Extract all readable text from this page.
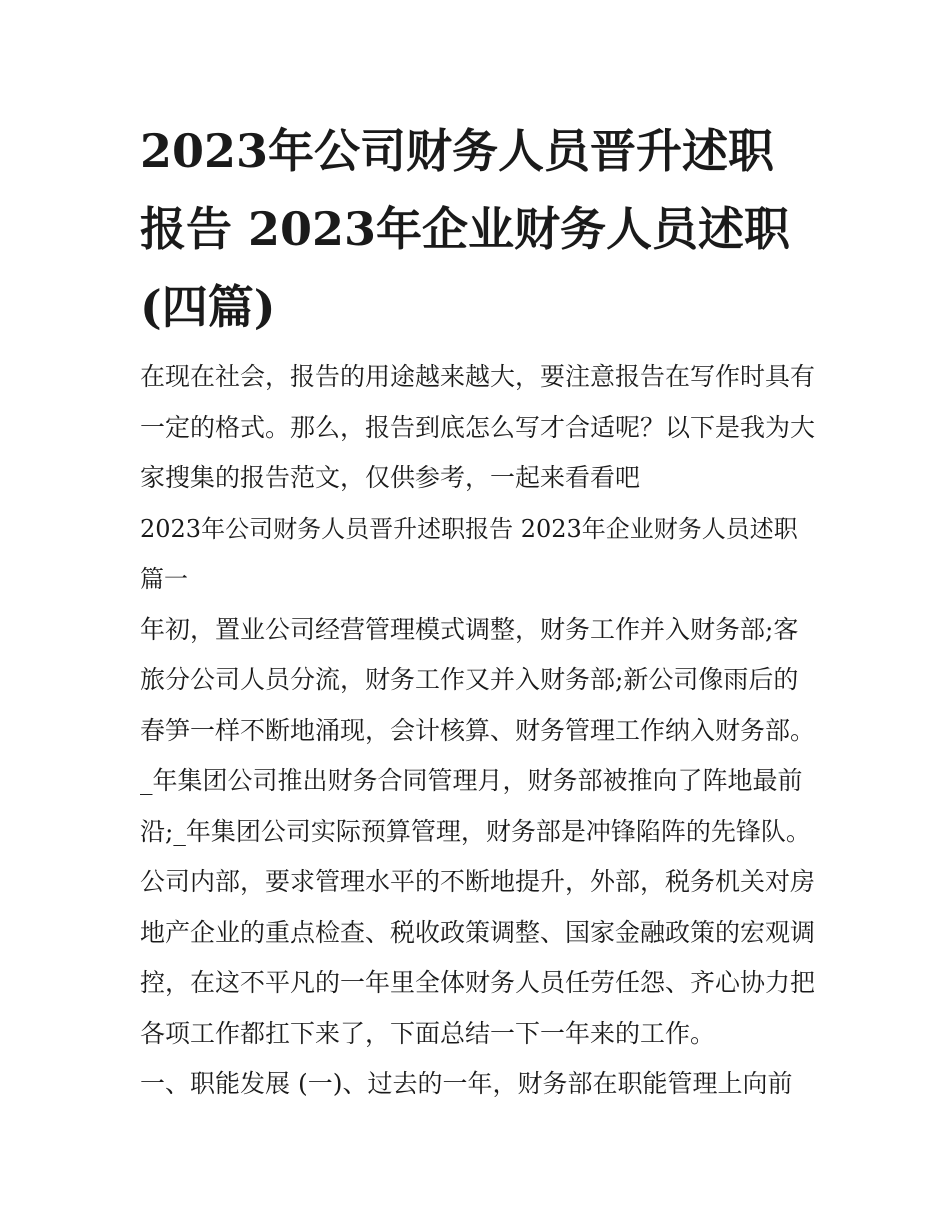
2023年公司财务人员晋升述职报告 2023年企业财务人员述职(四篇)

在现在社会，报告的用途越来越大，要注意报告在写作时具有一定的格式。那么，报告到底怎么写才合适呢？以下是我为大家搜集的报告范文，仅供参考，一起来看看吧

2023年公司财务人员晋升述职报告 2023年企业财务人员述职篇一

年初，置业公司经营管理模式调整，财务工作并入财务部;客旅分公司人员分流，财务工作又并入财务部;新公司像雨后的春笋一样不断地涌现，会计核算、财务管理工作纳入财务部。_年集团公司推出财务合同管理月，财务部被推向了阵地最前沿;_年集团公司实际预算管理，财务部是冲锋陷阵的先锋队。公司内部，要求管理水平的不断地提升，外部，税务机关对房地产企业的重点检查、税收政策调整、国家金融政策的宏观调控，在这不平凡的一年里全体财务人员任劳任怨、齐心协力把各项工作都扛下来了，下面总结一下一年来的工作。

一、职能发展 (一)、过去的一年，财务部在职能管理上向前
